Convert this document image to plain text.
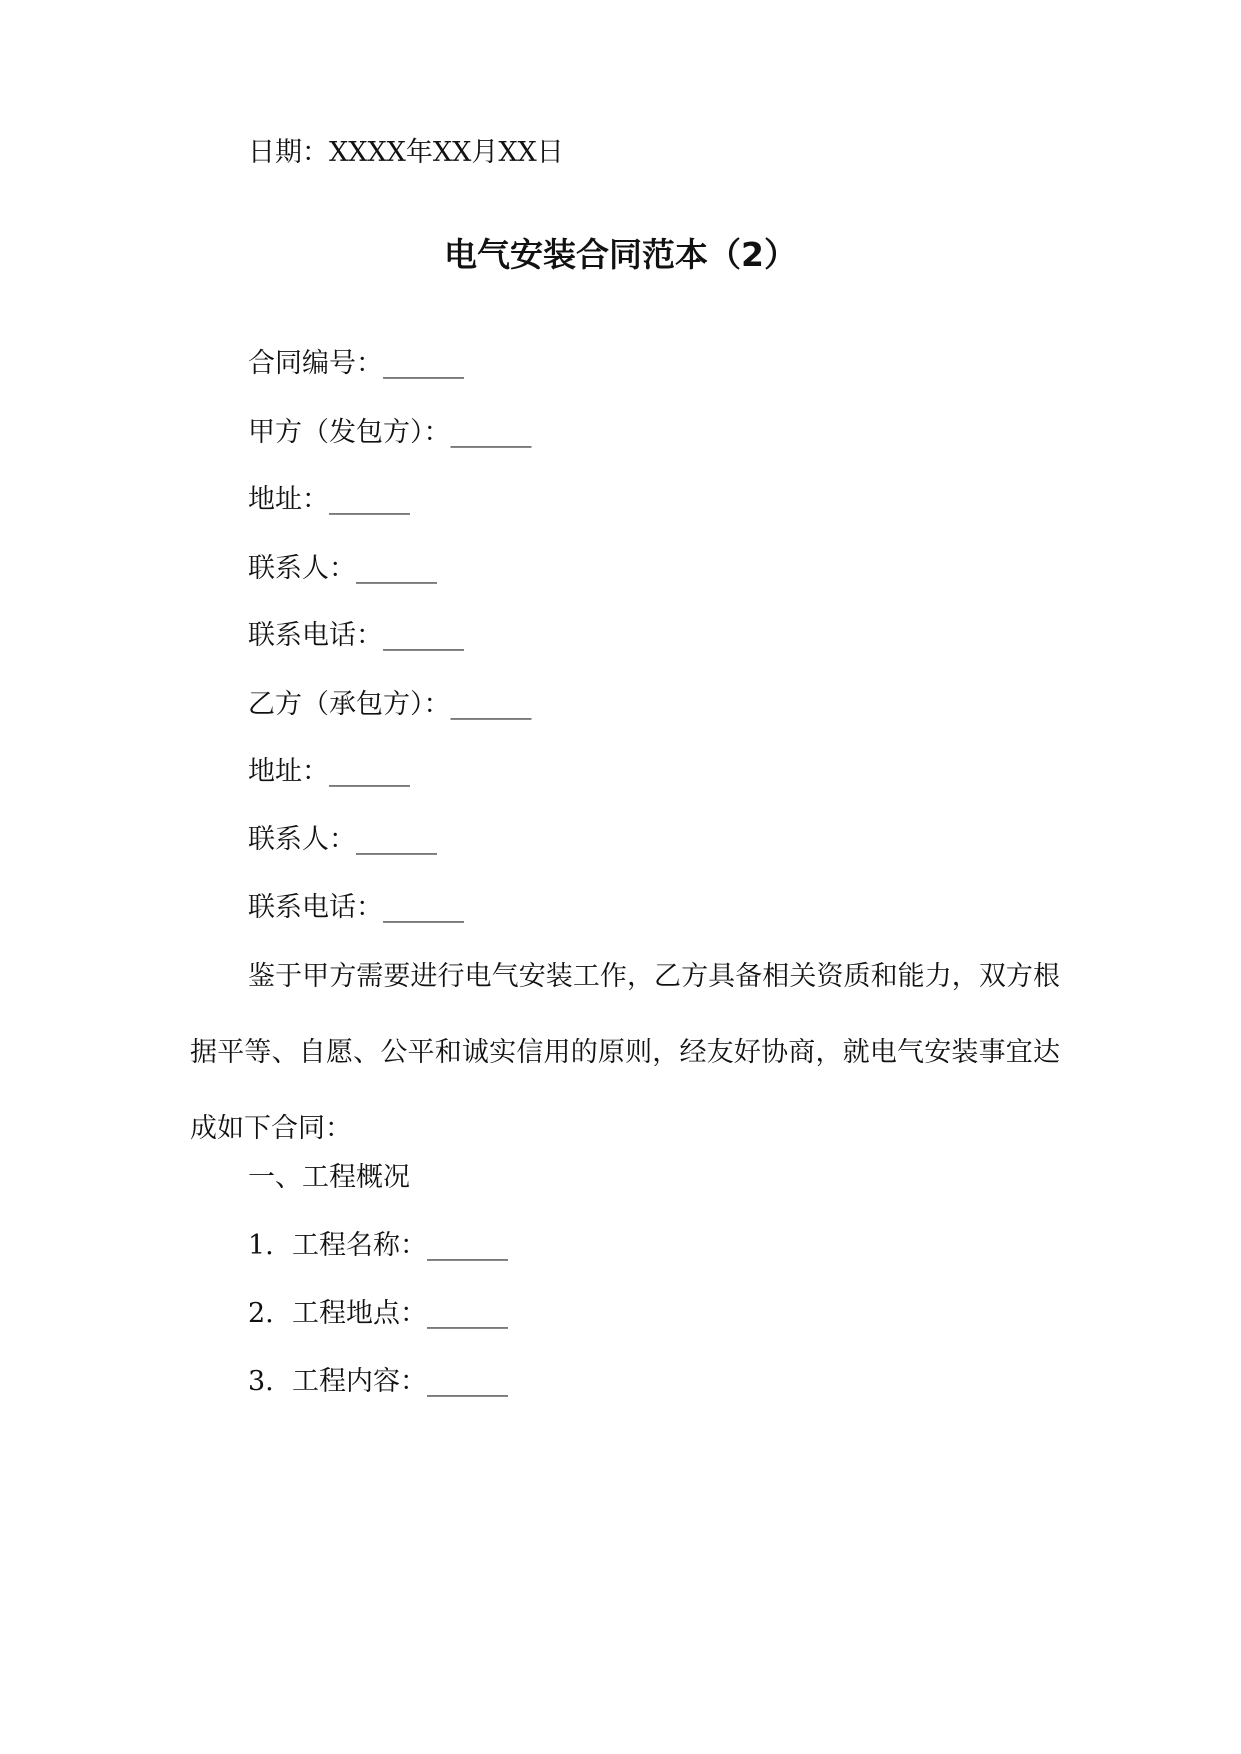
日期：XXXX年XX月XX日
电气安装合同范本（2）
合同编号：______
甲方（发包方）：______
地址：______
联系人：______
联系电话：______
乙方（承包方）：______
地址：______
联系人：______
联系电话：______

鉴于甲方需要进行电气安装工作，乙方具备相关资质和能力，双方根据平等、自愿、公平和诚实信用的原则，经友好协商，就电气安装事宜达成如下合同：

一、工程概况
1. 工程名称：______
2. 工程地点：______
3. 工程内容：______
